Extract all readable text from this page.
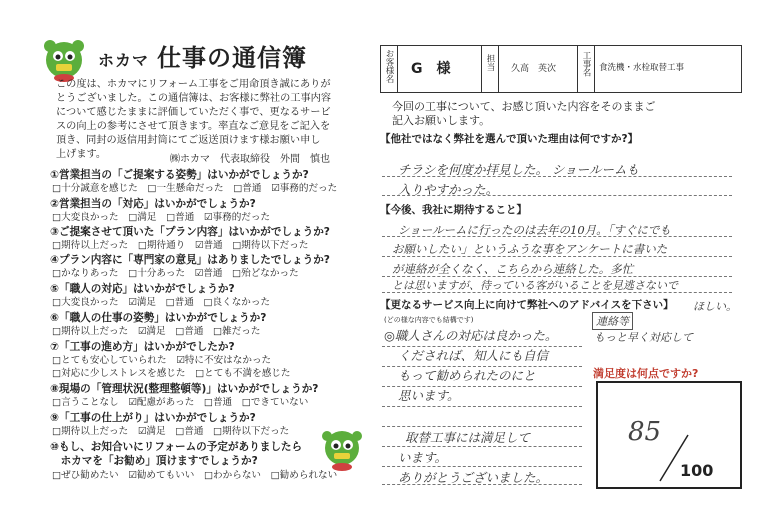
ホカマ 仕事の通信簿
この度は、ホカマにリフォーム工事をご用命頂き誠にありが
とうございました。この通信簿は、お客様に弊社の工事内容
について感じたままに評価していただく事で、更なるサービ
スの向上の参考にさせて頂きます。率直なご意見をご記入を
頂き、同封の返信用封筒にてご返送頂けます様お願い申し
上げます。	㈱ホカマ　代表取締役　外間　慎也
①営業担当の「ご提案する姿勢」はいかがでしょうか?
□十分誠意を感じた　□一生懸命だった　□普通　☑事務的だった
②営業担当の「対応」はいかがでしょうか?
□大変良かった　□満足　□普通　☑事務的だった
③ご提案させて頂いた「プラン内容」はいかがでしょうか?
□期待以上だった　□期待通り　☑普通　□期待以下だった
④プラン内容に「専門家の意見」はありましたでしょうか?
□かなりあった　□十分あった　☑普通　□殆どなかった
⑤「職人の対応」はいかがでしょうか?
□大変良かった　☑満足　□普通　□良くなかった
⑥「職人の仕事の姿勢」はいかがでしょうか?
□期待以上だった　☑満足　□普通　□雑だった
⑦「工事の進め方」はいかがでしたか?
□とても安心していられた　☑特に不安はなかった
□対応に少しストレスを感じた　□とても不満を感じた
⑧現場の「管理状況(整理整頓等)」はいかがでしょうか?
□言うことなし　☑配慮があった　□普通　□できていない
⑨「工事の仕上がり」はいかがでしょうか?
□期待以上だった　☑満足　□普通　□期待以下だった
⑩もし、お知合いにリフォームの予定がありましたら
　ホカマを「お勧め」頂けますでしょうか?
□ぜひ勧めたい　☑勧めてもいい　□わからない　□勧められない
お客様名 G　様	担当 久高　英次	工事名 食洗機・水栓取替工事
今回の工事について、お感じ頂いた内容をそのままご
記入お願いします。
【他社ではなく弊社を選んで頂いた理由は何ですか?】
チラシを何度か拝見した。 ショールームも
入りやすかった。
【今後、我社に期待すること】
ショールームに行ったのは去年の10月。「すぐにでも
お願いしたい」というふうな事をアンケートに書いた
が連絡が全くなく、こちらから連絡した。多忙
とは思いますが、待っている客がいることを見逃さないで
【更なるサービス向上に向けて弊社へのアドバイスを下さい】 ほしい。
(どの様な内容でも結構です)	連絡等
もっと早く対応して
◎職人さんの対応は良かった。
くだされば、知人にも自信
もって勧められたのにと
思います。
取替工事には満足して
います。
ありがとうございました。
満足度は何点ですか?
85
100
